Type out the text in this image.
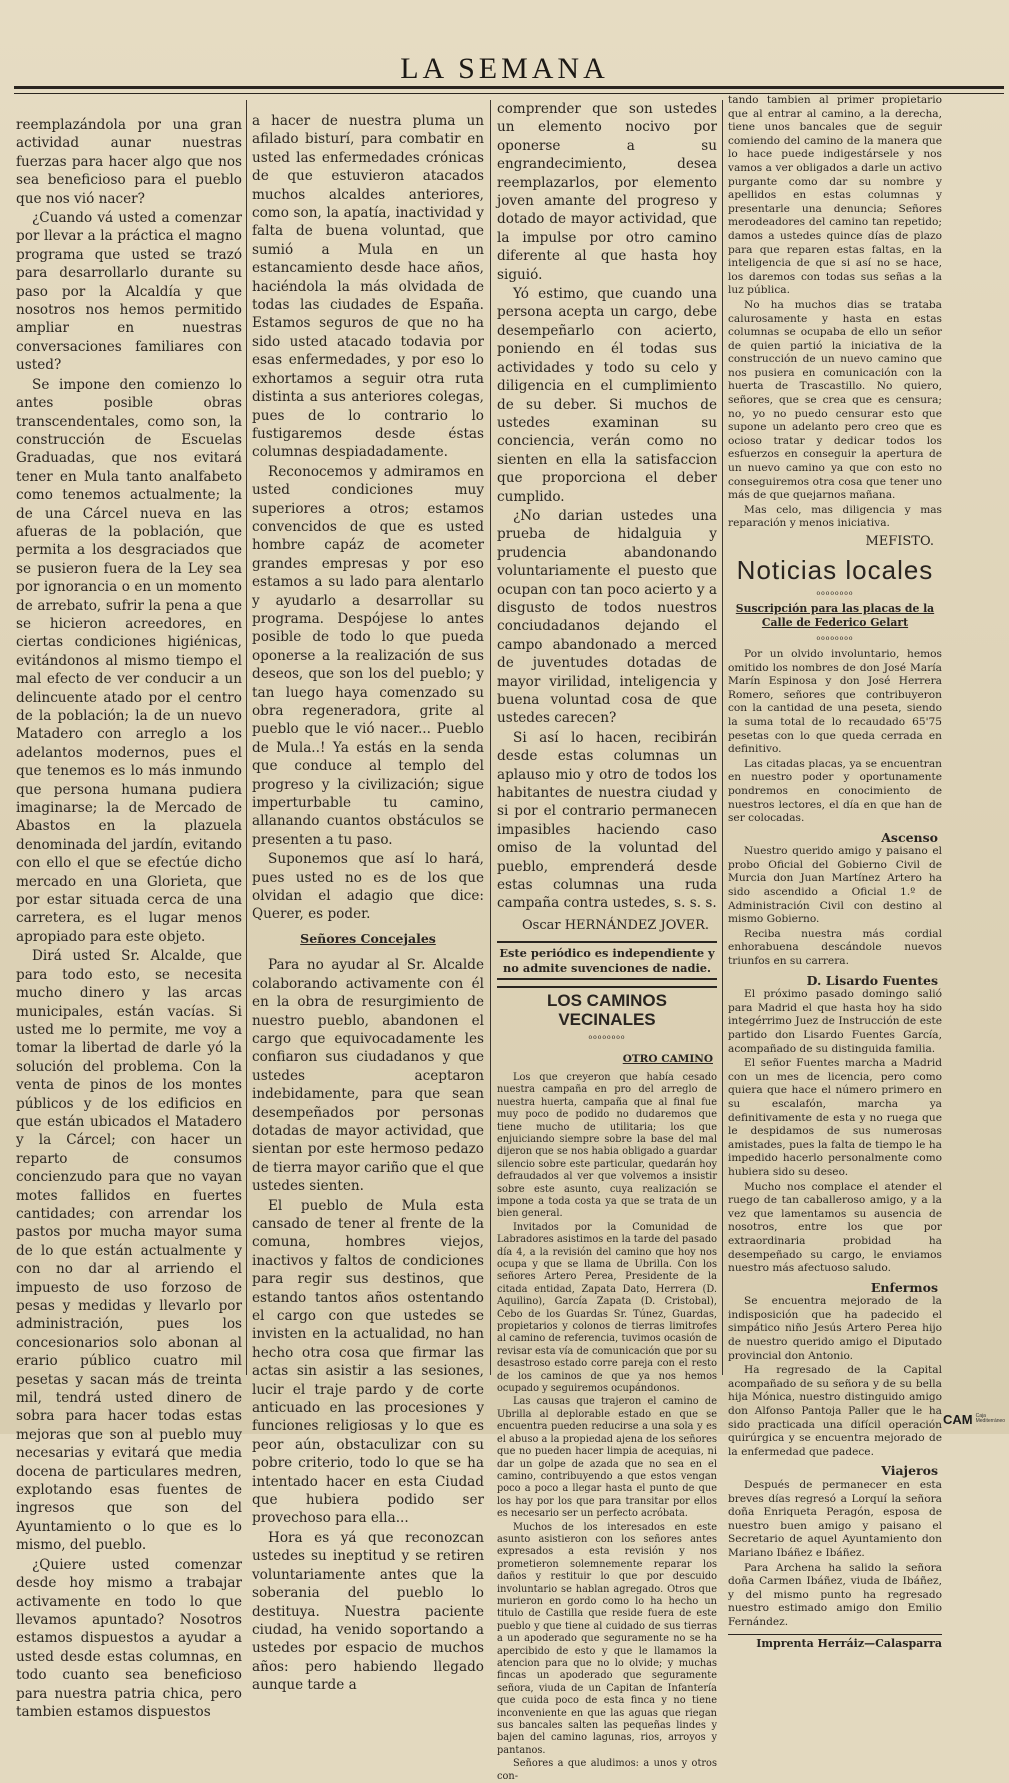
LA SEMANA

reemplazándola por una gran actividad aunar nuestras fuerzas para hacer algo que nos sea beneficioso para el pueblo que nos vió nacer?

¿Cuando vá usted a comenzar por llevar a la práctica el magno programa que usted se trazó para desarrollarlo durante su paso por la Alcaldía y que nosotros nos hemos permitido ampliar en nuestras conversaciones familiares con usted?

Se impone den comienzo lo antes posible obras transcendentales, como son, la construcción de Escuelas Graduadas, que nos evitará tener en Mula tanto analfabeto como tenemos actualmente; la de una Cárcel nueva en las afueras de la población, que permita a los desgraciados que se pusieron fuera de la Ley sea por ignorancia o en un momento de arrebato, sufrir la pena a que se hicieron acreedores, en ciertas condiciones higiénicas, evitándonos al mismo tiempo el mal efecto de ver conducir a un delincuente atado por el centro de la población; la de un nuevo Matadero con arreglo a los adelantos modernos, pues el que tenemos es lo más inmundo que persona humana pudiera imaginarse; la de Mercado de Abastos en la plazuela denominada del jardín, evitando con ello el que se efectúe dicho mercado en una Glorieta, que por estar situada cerca de una carretera, es el lugar menos apropiado para este objeto.

Dirá usted Sr. Alcalde, que para todo esto, se necesita mucho dinero y las arcas municipales, están vacías. Si usted me lo permite, me voy a tomar la libertad de darle yó la solución del problema. Con la venta de pinos de los montes públicos y de los edificios en que están ubicados el Matadero y la Cárcel; con hacer un reparto de consumos concienzudo para que no vayan motes fallidos en fuertes cantidades; con arrendar los pastos por mucha mayor suma de lo que están actualmente y con no dar al arriendo el impuesto de uso forzoso de pesas y medidas y llevarlo por administración, pues los concesionarios solo abonan al erario público cuatro mil pesetas y sacan más de treinta mil, tendrá usted dinero de sobra para hacer todas estas mejoras que son al pueblo muy necesarias y evitará que media docena de particulares medren, explotando esas fuentes de ingresos que son del Ayuntamiento o lo que es lo mismo, del pueblo.

¿Quiere usted comenzar desde hoy mismo a trabajar activamente en todo lo que llevamos apuntado? Nosotros estamos dispuestos a ayudar a usted desde estas columnas, en todo cuanto sea beneficioso para nuestra patria chica, pero tambien estamos dispuestos

a hacer de nuestra pluma un afilado bisturí, para combatir en usted las enfermedades crónicas de que estuvieron atacados muchos alcaldes anteriores, como son, la apatía, inactividad y falta de buena voluntad, que sumió a Mula en un estancamiento desde hace años, haciéndola la más olvidada de todas las ciudades de España. Estamos seguros de que no ha sido usted atacado todavia por esas enfermedades, y por eso lo exhortamos a seguir otra ruta distinta a sus anteriores colegas, pues de lo contrario lo fustigaremos desde éstas columnas despiadadamente.

Reconocemos y admiramos en usted condiciones muy superiores a otros; estamos convencidos de que es usted hombre capáz de acometer grandes empresas y por eso estamos a su lado para alentarlo y ayudarlo a desarrollar su programa. Despójese lo antes posible de todo lo que pueda oponerse a la realización de sus deseos, que son los del pueblo; y tan luego haya comenzado su obra regeneradora, grite al pueblo que le vió nacer... Pueblo de Mula..! Ya estás en la senda que conduce al templo del progreso y la civilización; sigue imperturbable tu camino, allanando cuantos obstáculos se presenten a tu paso.

Suponemos que así lo hará, pues usted no es de los que olvidan el adagio que dice: Querer, es poder.

Señores Concejales

Para no ayudar al Sr. Alcalde colaborando activamente con él en la obra de resurgimiento de nuestro pueblo, abandonen el cargo que equivocadamente les confiaron sus ciudadanos y que ustedes aceptaron indebidamente, para que sean desempeñados por personas dotadas de mayor actividad, que sientan por este hermoso pedazo de tierra mayor cariño que el que ustedes sienten.

El pueblo de Mula esta cansado de tener al frente de la comuna, hombres viejos, inactivos y faltos de condiciones para regir sus destinos, que estando tantos años ostentando el cargo con que ustedes se invisten en la actualidad, no han hecho otra cosa que firmar las actas sin asistir a las sesiones, lucir el traje pardo y de corte anticuado en las procesiones y funciones religiosas y lo que es peor aún, obstaculizar con su pobre criterio, todo lo que se ha intentado hacer en esta Ciudad que hubiera podido ser provechoso para ella...

Hora es yá que reconozcan ustedes su ineptitud y se retiren voluntariamente antes que la soberania del pueblo lo destituya. Nuestra paciente ciudad, ha venido soportando a ustedes por espacio de muchos años: pero habiendo llegado aunque tarde a

comprender que son ustedes un elemento nocivo por oponerse a su engrandecimiento, desea reemplazarlos, por elemento joven amante del progreso y dotado de mayor actividad, que la impulse por otro camino diferente al que hasta hoy siguió.

Yó estimo, que cuando una persona acepta un cargo, debe desempeñarlo con acierto, poniendo en él todas sus actividades y todo su celo y diligencia en el cumplimiento de su deber. Si muchos de ustedes examinan su conciencia, verán como no sienten en ella la satisfaccion que proporciona el deber cumplido.

¿No darian ustedes una prueba de hidalguia y prudencia abandonando voluntariamente el puesto que ocupan con tan poco acierto y a disgusto de todos nuestros conciudadanos dejando el campo abandonado a merced de juventudes dotadas de mayor virilidad, inteligencia y buena voluntad cosa de que ustedes carecen?

Si así lo hacen, recibirán desde estas columnas un aplauso mio y otro de todos los habitantes de nuestra ciudad y si por el contrario permanecen impasibles haciendo caso omiso de la voluntad del pueblo, emprenderá desde estas columnas una ruda campaña contra ustedes, s. s. s.

Oscar HERNÁNDEZ JOVER.
Este periódico es independiente y no admite suvenciones de nadie.
LOS CAMINOS VECINALES
oooooooo
OTRO CAMINO

Los que creyeron que había cesado nuestra campaña en pro del arreglo de nuestra huerta, campaña que al final fue muy poco de podido no dudaremos que tiene mucho de utilitaria; los que enjuiciando siempre sobre la base del mal dijeron que se nos habia obligado a guardar silencio sobre este particular, quedarán hoy defraudados al ver que volvemos a insistir sobre este asunto, cuya realización se impone a toda costa ya que se trata de un bien general.

Invitados por la Comunidad de Labradores asistimos en la tarde del pasado día 4, a la revisión del camino que hoy nos ocupa y que se llama de Ubrilla. Con los señores Artero Perea, Presidente de la citada entidad, Zapata Dato, Herrera (D. Aquilino), García Zapata (D. Cristobal), Cebo de los Guardas Sr. Túnez, Guardas, propietarios y colonos de tierras limitrofes al camino de referencia, tuvimos ocasión de revisar esta vía de comunicación que por su desastroso estado corre pareja con el resto de los caminos de que ya nos hemos ocupado y seguiremos ocupándonos.

Las causas que trajeron el camino de Ubrilla al deplorable estado en que se encuentra pueden reducirse a una sola y es el abuso a la propiedad ajena de los señores que no pueden hacer limpia de acequias, ni dar un golpe de azada que no sea en el camino, contribuyendo a que estos vengan poco a poco a llegar hasta el punto de que los hay por los que para transitar por ellos es necesario ser un perfecto acróbata.

Muchos de los interesados en este asunto asistieron con los señores antes expresados a esta revisión y nos prometieron solemnemente reparar los daños y restituir lo que por descuido involuntario se hablan agregado. Otros que murieron en gordo como lo ha hecho un titulo de Castilla que reside fuera de este pueblo y que tiene al cuidado de sus tierras a un apoderado que seguramente no se ha apercibido de esto y que le llamamos la atencion para que no lo olvide; y muchas fincas un apoderado que seguramente señora, viuda de un Capitan de Infantería que cuida poco de esta finca y no tiene inconveniente en que las aguas que riegan sus bancales salten las pequeñas lindes y bajen del camino lagunas, rios, arroyos y pantanos.

Señores a que aludimos: a unos y otros con-

tando tambien al primer propietario que al entrar al camino, a la derecha, tiene unos bancales que de seguir comiendo del camino de la manera que lo hace puede indigestársele y nos vamos a ver obligados a darle un activo purgante como dar su nombre y apellidos en estas columnas y presentarle una denuncia; Señores merodeadores del camino tan repetido; damos a ustedes quince días de plazo para que reparen estas faltas, en la inteligencia de que si así no se hace, los daremos con todas sus señas a la luz pública.

No ha muchos dias se trataba calurosamente y hasta en estas columnas se ocupaba de ello un señor de quien partió la iniciativa de la construcción de un nuevo camino que nos pusiera en comunicación con la huerta de Trascastillo. No quiero, señores, que se crea que es censura; no, yo no puedo censurar esto que supone un adelanto pero creo que es ocioso tratar y dedicar todos los esfuerzos en conseguir la apertura de un nuevo camino ya que con esto no conseguiremos otra cosa que tener uno más de que quejarnos mañana.

Mas celo, mas diligencia y mas reparación y menos iniciativa.

MEFISTO.
Noticias locales
oooooooo
Suscripción para las placas de la Calle de Federico Gelart
oooooooo

Por un olvido involuntario, hemos omitido los nombres de don José María Marín Espinosa y don José Herrera Romero, señores que contribuyeron con la cantidad de una peseta, siendo la suma total de lo recaudado 65'75 pesetas con lo que queda cerrada en definitivo.

Las citadas placas, ya se encuentran en nuestro poder y oportunamente pondremos en conocimiento de nuestros lectores, el día en que han de ser colocadas.

Ascenso

Nuestro querido amigo y paisano el probo Oficial del Gobierno Civil de Murcia don Juan Martínez Artero ha sido ascendido a Oficial 1.º de Administración Civil con destino al mismo Gobierno.

Reciba nuestra más cordial enhorabuena descándole nuevos triunfos en su carrera.

D. Lisardo Fuentes

El próximo pasado domingo salió para Madrid el que hasta hoy ha sido integérrimo Juez de Instrucción de este partido don Lisardo Fuentes García, acompañado de su distinguida familia.

El señor Fuentes marcha a Madrid con un mes de licencia, pero como quiera que hace el número primero en su escalafón, marcha ya definitivamente de esta y no ruega que le despidamos de sus numerosas amistades, pues la falta de tiempo le ha impedido hacerlo personalmente como hubiera sido su deseo.

Mucho nos complace el atender el ruego de tan caballeroso amigo, y a la vez que lamentamos su ausencia de nosotros, entre los que por extraordinaria probidad ha desempeñado su cargo, le enviamos nuestro más afectuoso saludo.

Enfermos

Se encuentra mejorado de la indisposición que ha padecido el simpático niño Jesús Artero Perea hijo de nuestro querido amigo el Diputado provincial don Antonio.

Ha regresado de la Capital acompañado de su señora y de su bella hija Mónica, nuestro distinguido amigo don Alfonso Pantoja Paller que le ha sido practicada una difícil operación quirúrgica y se encuentra mejorado de la enfermedad que padece.

Viajeros

Después de permanecer en esta breves días regresó a Lorquí la señora doña Enriqueta Peragón, esposa de nuestro buen amigo y paisano el Secretario de aquel Ayuntamiento don Mariano Ibáñez e Ibáñez.

Para Archena ha salido la señora doña Carmen Ibáñez, viuda de Ibáñez, y del mismo punto ha regresado nuestro estimado amigo don Emilio Fernández.

Imprenta Herráiz—Calasparra
CAM Caja Mediterráneo
